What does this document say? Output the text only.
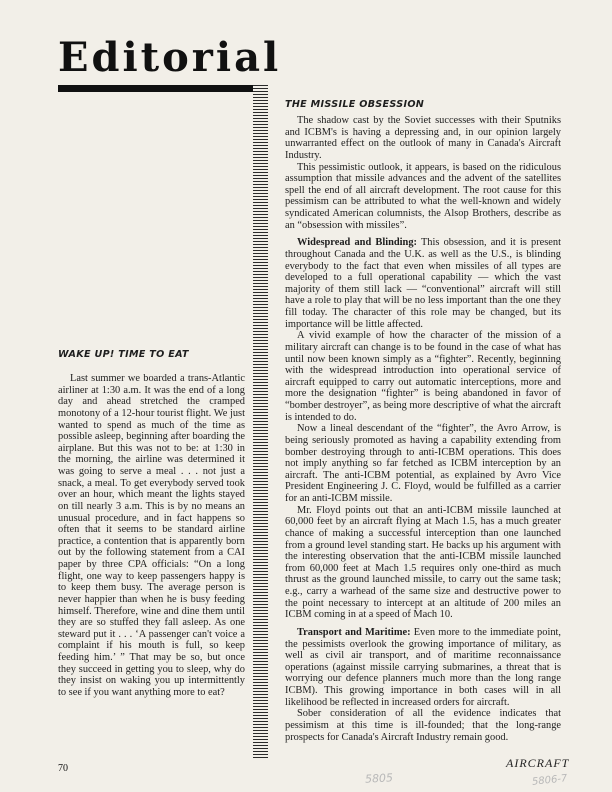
Editorial
THE MISSILE OBSESSION

The shadow cast by the Soviet successes with their Sputniks and ICBM's is having a depressing and, in our opinion largely unwarranted effect on the outlook of many in Canada's Aircraft Industry.

This pessimistic outlook, it appears, is based on the ridiculous assumption that missile advances and the advent of the satellites spell the end of all aircraft development. The root cause for this pessimism can be attributed to what the well-known and widely syndicated American columnists, the Alsop Brothers, describe as an “obsession with missiles”.

Widespread and Blinding: This obsession, and it is present throughout Canada and the U.K. as well as the U.S., is blinding everybody to the fact that even when missiles of all types are developed to a full operational capability — which the vast majority of them still lack — “conventional” aircraft will still have a role to play that will be no less important than the one they fill today. The character of this role may be changed, but its importance will be little affected.

A vivid example of how the character of the mission of a military aircraft can change is to be found in the case of what has until now been known simply as a “fighter”. Recently, beginning with the widespread introduction into operational service of aircraft equipped to carry out automatic interceptions, more and more the designation “fighter” is being abandoned in favor of “bomber destroyer”, as being more descriptive of what the aircraft is intended to do.

Now a lineal descendant of the “fighter”, the Avro Arrow, is being seriously promoted as having a capability extending from bomber destroying through to anti-ICBM operations. This does not imply anything so far fetched as ICBM interception by an aircraft. The anti-ICBM potential, as explained by Avro Vice President Engineering J. C. Floyd, would be fulfilled as a carrier for an anti-ICBM missile.

Mr. Floyd points out that an anti-ICBM missile launched at 60,000 feet by an aircraft flying at Mach 1.5, has a much greater chance of making a successful interception than one launched from a ground level standing start. He backs up his argument with the interesting observation that the anti-ICBM missile launched from 60,000 feet at Mach 1.5 requires only one-third as much thrust as the ground launched missile, to carry out the same task; e.g., carry a warhead of the same size and destructive power to the point necessary to intercept at an altitude of 200 miles an ICBM coming in at a speed of Mach 10.

Transport and Maritime: Even more to the immediate point, the pessimists overlook the growing importance of military, as well as civil air transport, and of maritime reconnaissance operations (against missile carrying submarines, a threat that is worrying our defence planners much more than the long range ICBM). This growing importance in both cases will in all likelihood be reflected in increased orders for aircraft.

Sober consideration of all the evidence indicates that pessimism at this time is ill-founded; that the long-range prospects for Canada's Aircraft Industry remain good.

WAKE UP! TIME TO EAT

Last summer we boarded a trans-Atlantic airliner at 1:30 a.m. It was the end of a long day and ahead stretched the cramped monotony of a 12-hour tourist flight. We just wanted to spend as much of the time as possible asleep, beginning after boarding the airplane. But this was not to be: at 1:30 in the morning, the airline was determined it was going to serve a meal . . . not just a snack, a meal. To get everybody served took over an hour, which meant the lights stayed on till nearly 3 a.m. This is by no means an unusual procedure, and in fact happens so often that it seems to be standard airline practice, a contention that is apparently born out by the following statement from a CAI paper by three CPA officials: “On a long flight, one way to keep passengers happy is to keep them busy. The average person is never happier than when he is busy feeding himself. Therefore, wine and dine them until they are so stuffed they fall asleep. As one steward put it . . . ‘A passenger can't voice a complaint if his mouth is full, so keep feeding him.’ ” That may be so, but once they succeed in getting you to sleep, why do they insist on waking you up intermittently to see if you want anything more to eat?

70	AIRCRAFT
5805	5806-7
